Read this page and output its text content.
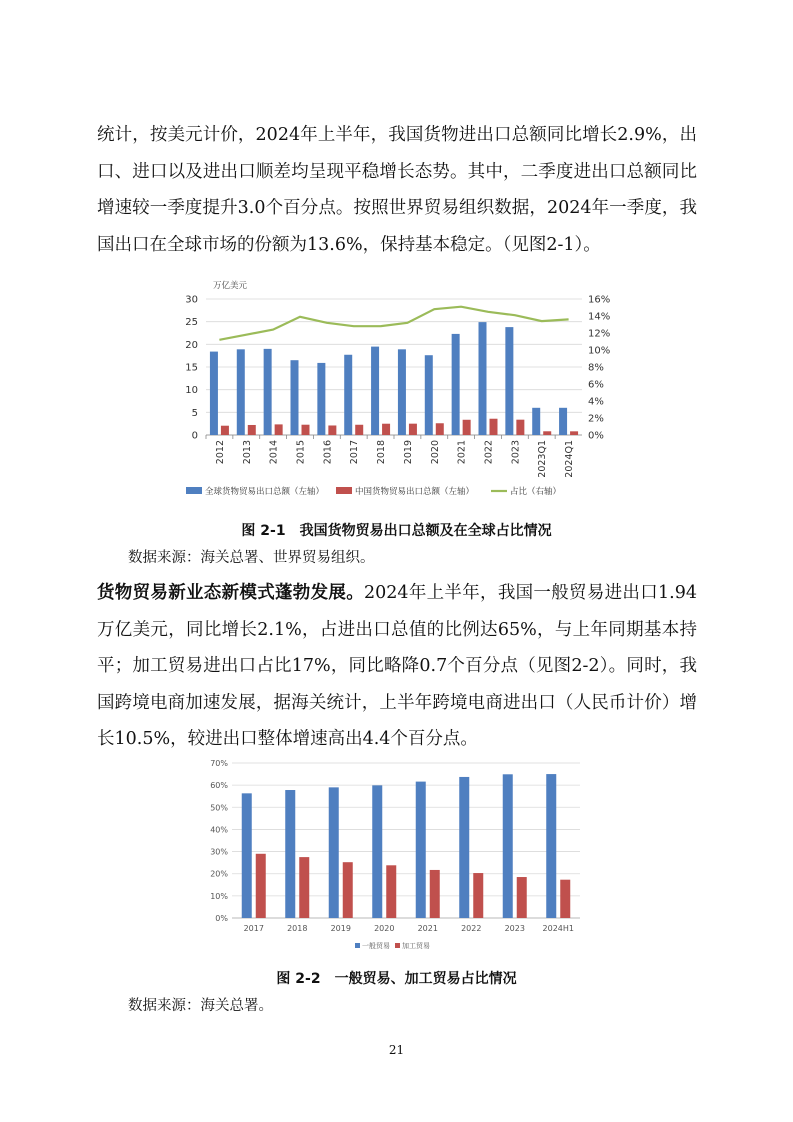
统计，按美元计价，2024年上半年，我国货物进出口总额同比增长2.9%，出口、进口以及进出口顺差均呈现平稳增长态势。其中，二季度进出口总额同比增速较一季度提升3.0个百分点。按照世界贸易组织数据，2024年一季度，我国出口在全球市场的份额为13.6%，保持基本稳定。（见图2-1）。

万亿美元
0
5
10
15
20
25
30
0%
2%
4%
6%
8%
10%
12%
14%
16%
2012 2013 2014 2015 2016 2017 2018 2019 2020 2021 2022 2023 2023Q1 2024Q1
全球货物贸易出口总额（左轴）	中国货物贸易出口总额（左轴）	占比（右轴）
图 2-1　我国货物贸易出口总额及在全球占比情况
数据来源：海关总署、世界贸易组织。

货物贸易新业态新模式蓬勃发展。2024年上半年，我国一般贸易进出口1.94万亿美元，同比增长2.1%，占进出口总值的比例达65%，与上年同期基本持平；加工贸易进出口占比17%，同比略降0.7个百分点（见图2-2）。同时，我国跨境电商加速发展，据海关统计，上半年跨境电商进出口（人民币计价）增长10.5%，较进出口整体增速高出4.4个百分点。

0%
10%
20%
30%
40%
50%
60%
70%
2017	2018	2019	2020	2021	2022	2023 2024H1
一般贸易 加工贸易
图 2-2　一般贸易、加工贸易占比情况
数据来源：海关总署。
21
